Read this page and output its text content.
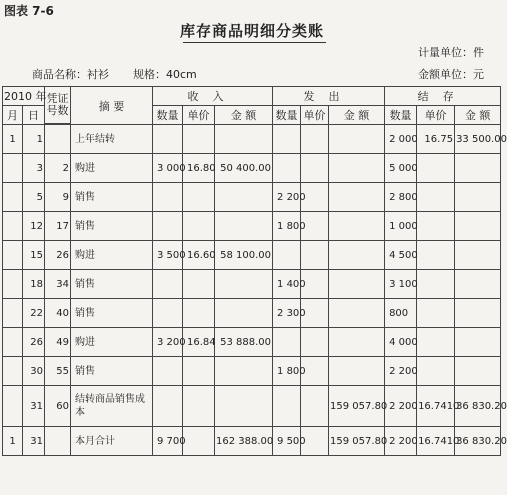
图表 7-6
库存商品明细分类账
计量单位：件
商品名称：衬衫 规格：40cm	金额单位：元
2010 年		凭证号数	摘 要	收入			发出			结存		
月	日			数量	单价	金 额	数量	单价	金 额	数量	单价	金 额

1	1		上年结转							2 000	16.75	33 500.00
	3	2	购进	3 000	16.80	50 400.00				5 000		
	5	9	销售				2 200			2 800		
	12	17	销售				1 800			1 000		
	15	26	购进	3 500	16.60	58 100.00				4 500		
	18	34	销售				1 400			3 100		
	22	40	销售				2 300			800		
	26	49	购进	3 200	16.84	53 888.00				4 000		
	30	55	销售				1 800			2 200		
	31	60	结转商品销售成本						159 057.80	2 200	16.7410	36 830.20
1	31		本月合计	9 700		162 388.00	9 500		159 057.80	2 200	16.7410	36 830.20
